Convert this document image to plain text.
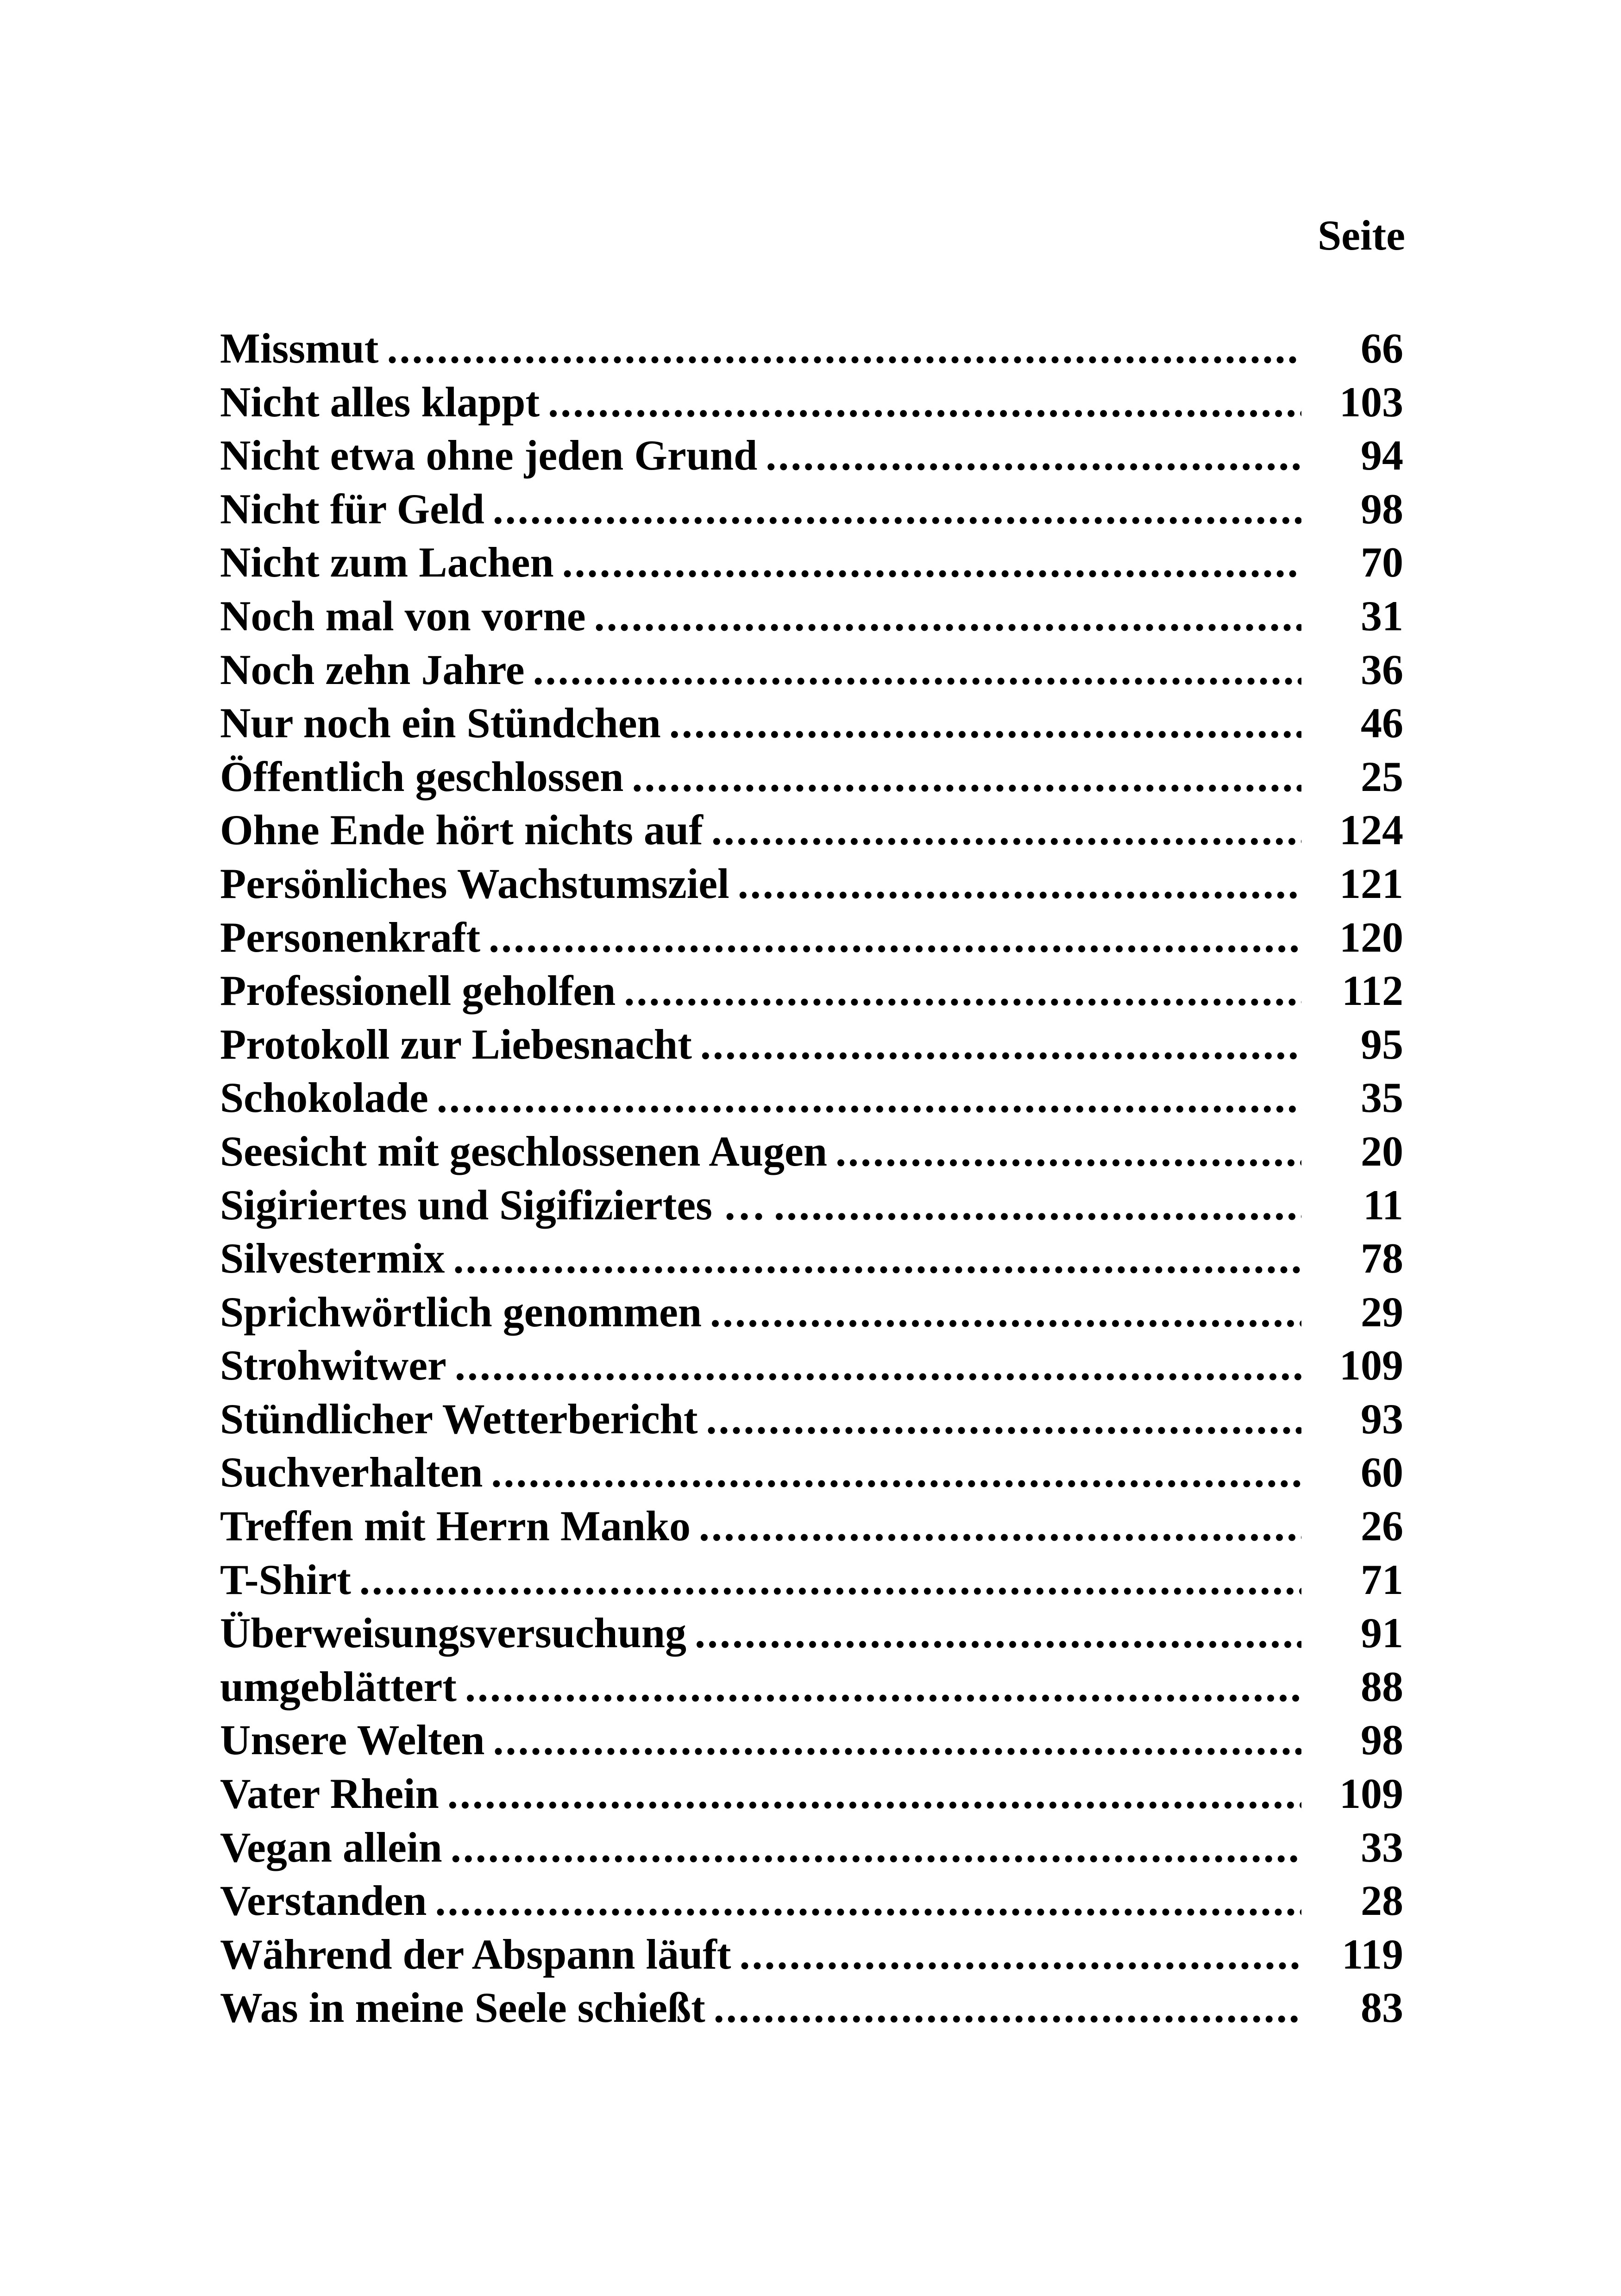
Seite
Missmut .....	66
Nicht alles klappt .....	103
Nicht etwa ohne jeden Grund .....	94
Nicht für Geld .....	98
Nicht zum Lachen .....	70
Noch mal von vorne .....	31
Noch zehn Jahre .....	36
Nur noch ein Stündchen .....	46
Öffentlich geschlossen .....	25
Ohne Ende hört nichts auf .....	124
Persönliches Wachstumsziel .....	121
Personenkraft .....	120
Professionell geholfen .....	112
Protokoll zur Liebesnacht .....	95
Schokolade .....	35
Seesicht mit geschlossenen Augen .....	20
Sigiriertes und Sigifiziertes … .....	11
Silvestermix .....	78
Sprichwörtlich genommen .....	29
Strohwitwer .....	109
Stündlicher Wetterbericht .....	93
Suchverhalten .....	60
Treffen mit Herrn Manko .....	26
T-Shirt .....	71
Überweisungsversuchung .....	91
umgeblättert .....	88
Unsere Welten .....	98
Vater Rhein .....	109
Vegan allein .....	33
Verstanden .....	28
Während der Abspann läuft .....	119
Was in meine Seele schießt .....	83
